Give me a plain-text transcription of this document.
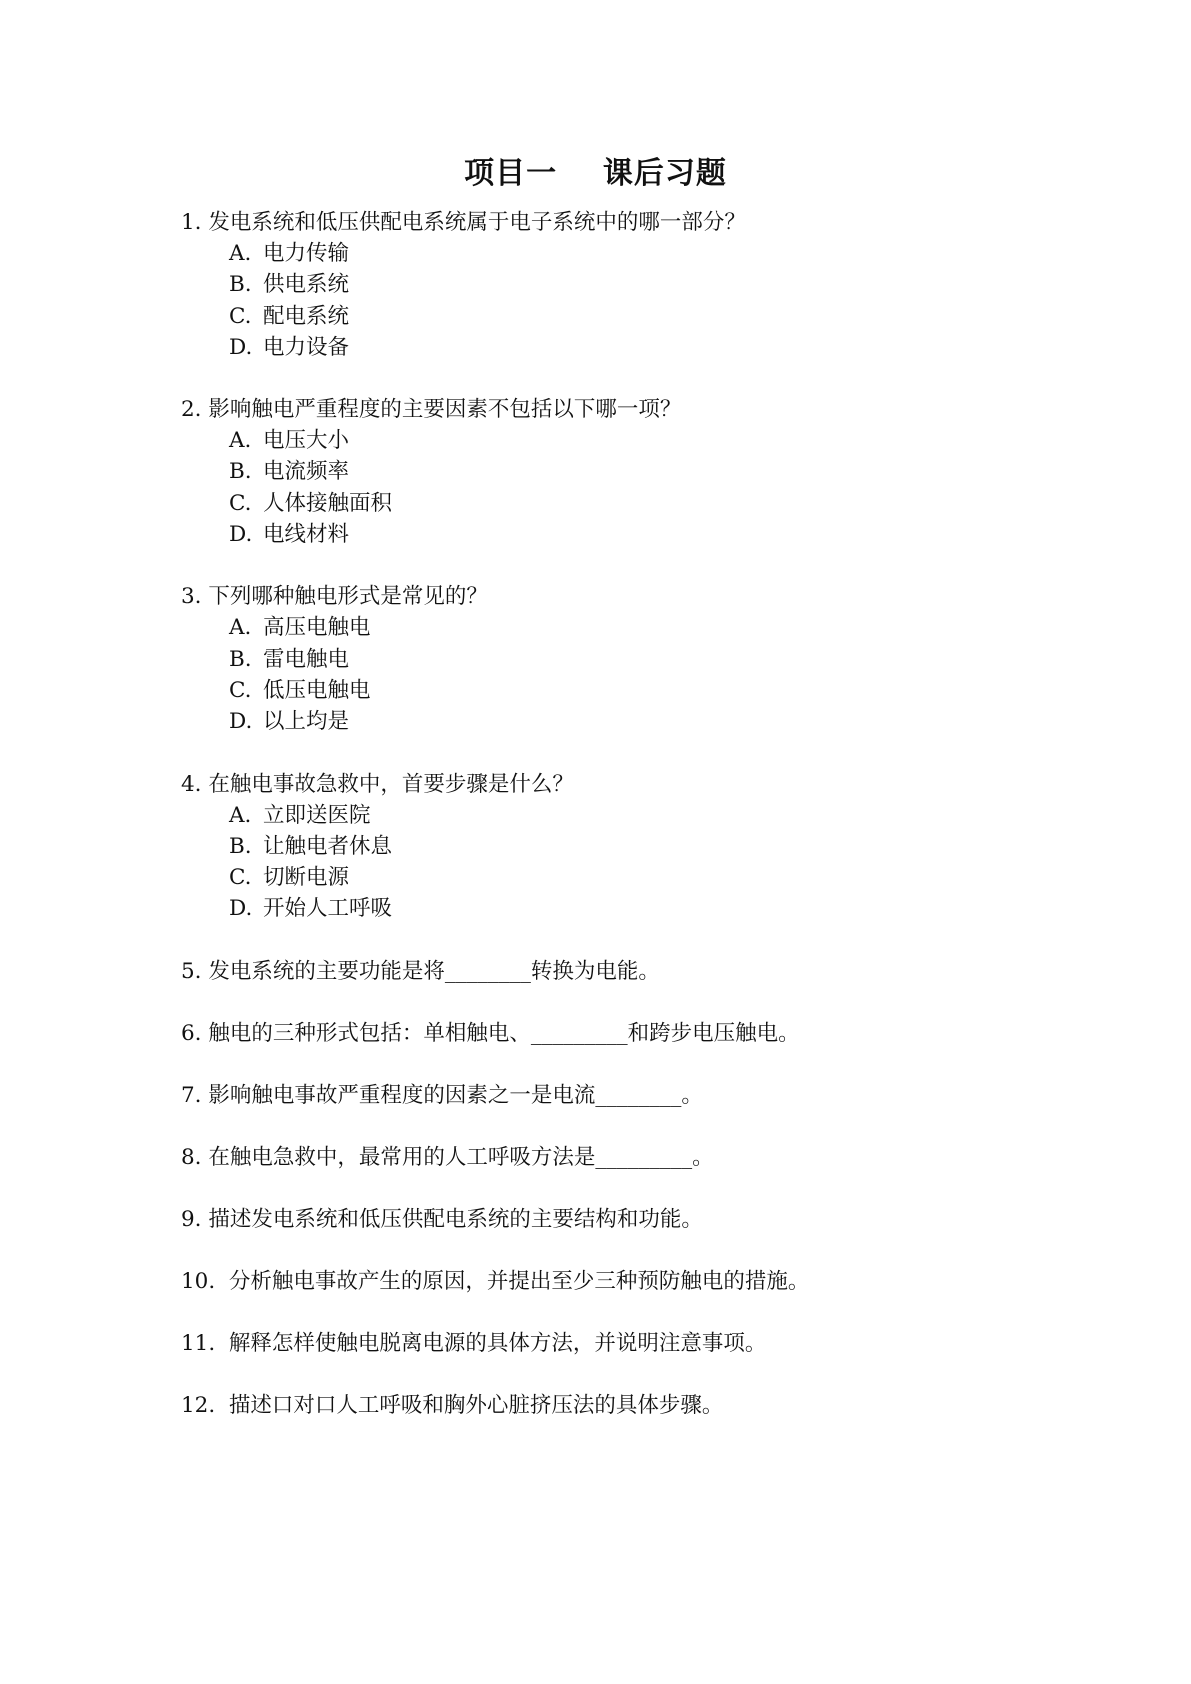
项目一    课后习题
1. 发电系统和低压供配电系统属于电子系统中的哪一部分？
A. 电力传输
B. 供电系统
C. 配电系统
D. 电力设备
2. 影响触电严重程度的主要因素不包括以下哪一项？
A. 电压大小
B. 电流频率
C. 人体接触面积
D. 电线材料
3. 下列哪种触电形式是常见的？
A. 高压电触电
B. 雷电触电
C. 低压电触电
D. 以上均是
4. 在触电事故急救中，首要步骤是什么？
A. 立即送医院
B. 让触电者休息
C. 切断电源
D. 开始人工呼吸
5. 发电系统的主要功能是将________转换为电能。
6. 触电的三种形式包括：单相触电、_________和跨步电压触电。
7. 影响触电事故严重程度的因素之一是电流________。
8. 在触电急救中，最常用的人工呼吸方法是_________。
9. 描述发电系统和低压供配电系统的主要结构和功能。
10. 分析触电事故产生的原因，并提出至少三种预防触电的措施。
11. 解释怎样使触电脱离电源的具体方法，并说明注意事项。
12. 描述口对口人工呼吸和胸外心脏挤压法的具体步骤。
